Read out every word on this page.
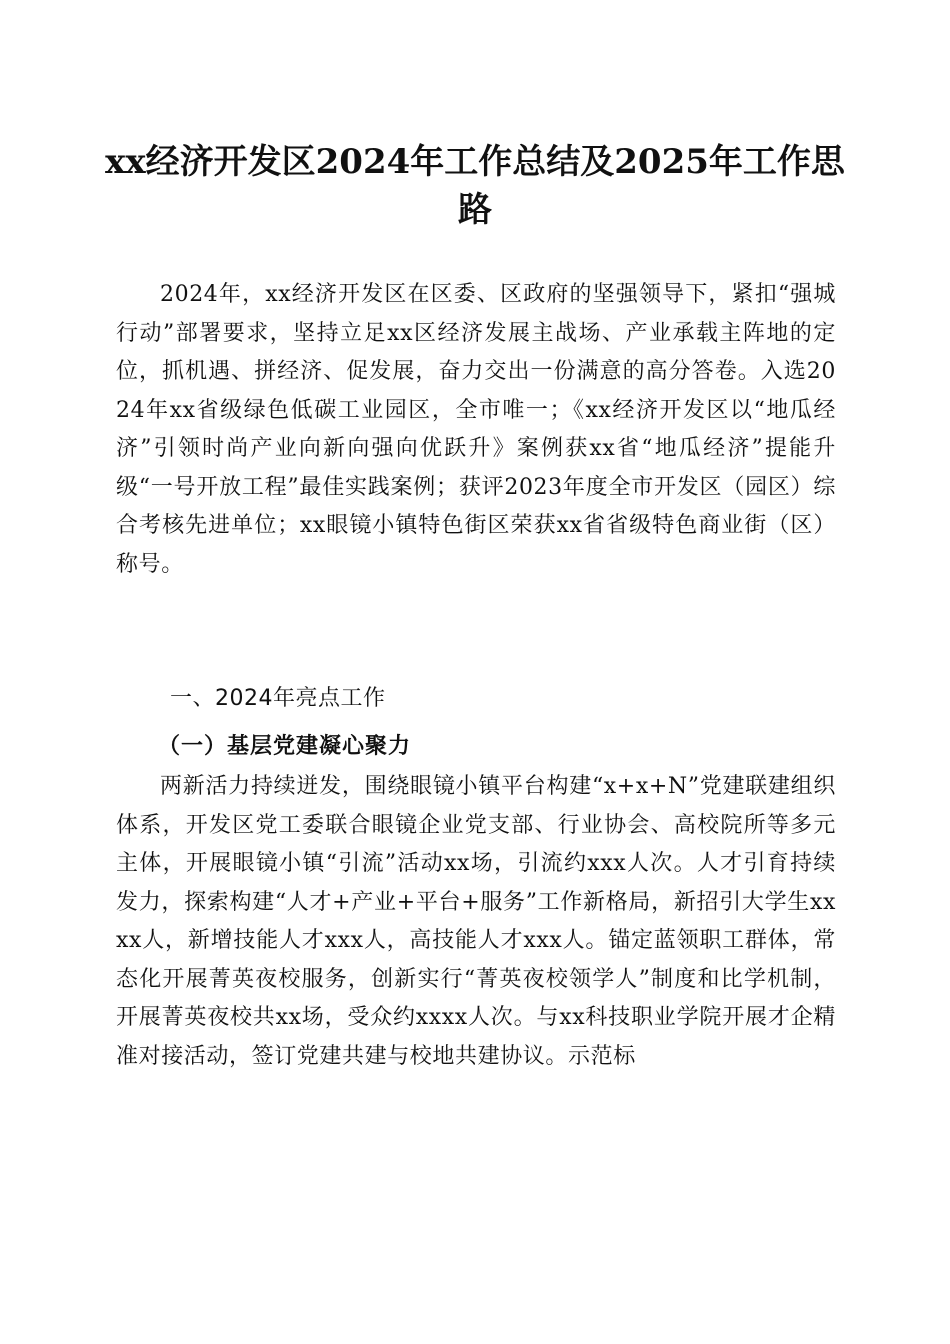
xx经济开发区2024年工作总结及2025年工作思路
2024年，xx经济开发区在区委、区政府的坚强领导下，紧扣“强城行动”部署要求，坚持立足xx区经济发展主战场、产业承载主阵地的定位，抓机遇、拼经济、促发展，奋力交出一份满意的高分答卷。入选2024年xx省级绿色低碳工业园区，全市唯一；《xx经济开发区以“地瓜经济”引领时尚产业向新向强向优跃升》案例获xx省“地瓜经济”提能升级“一号开放工程”最佳实践案例；获评2023年度全市开发区（园区）综合考核先进单位；xx眼镜小镇特色街区荣获xx省省级特色商业街（区）称号。
一、2024年亮点工作
（一）基层党建凝心聚力
两新活力持续迸发，围绕眼镜小镇平台构建“x+x+N”党建联建组织体系，开发区党工委联合眼镜企业党支部、行业协会、高校院所等多元主体，开展眼镜小镇“引流”活动xx场，引流约xxx人次。人才引育持续发力，探索构建“人才+产业+平台+服务”工作新格局，新招引大学生xxxx人，新增技能人才xxx人，高技能人才xxx人。锚定蓝领职工群体，常态化开展菁英夜校服务，创新实行“菁英夜校领学人”制度和比学机制，开展菁英夜校共xx场，受众约xxxx人次。与xx科技职业学院开展才企精准对接活动，签订党建共建与校地共建协议。示范标
